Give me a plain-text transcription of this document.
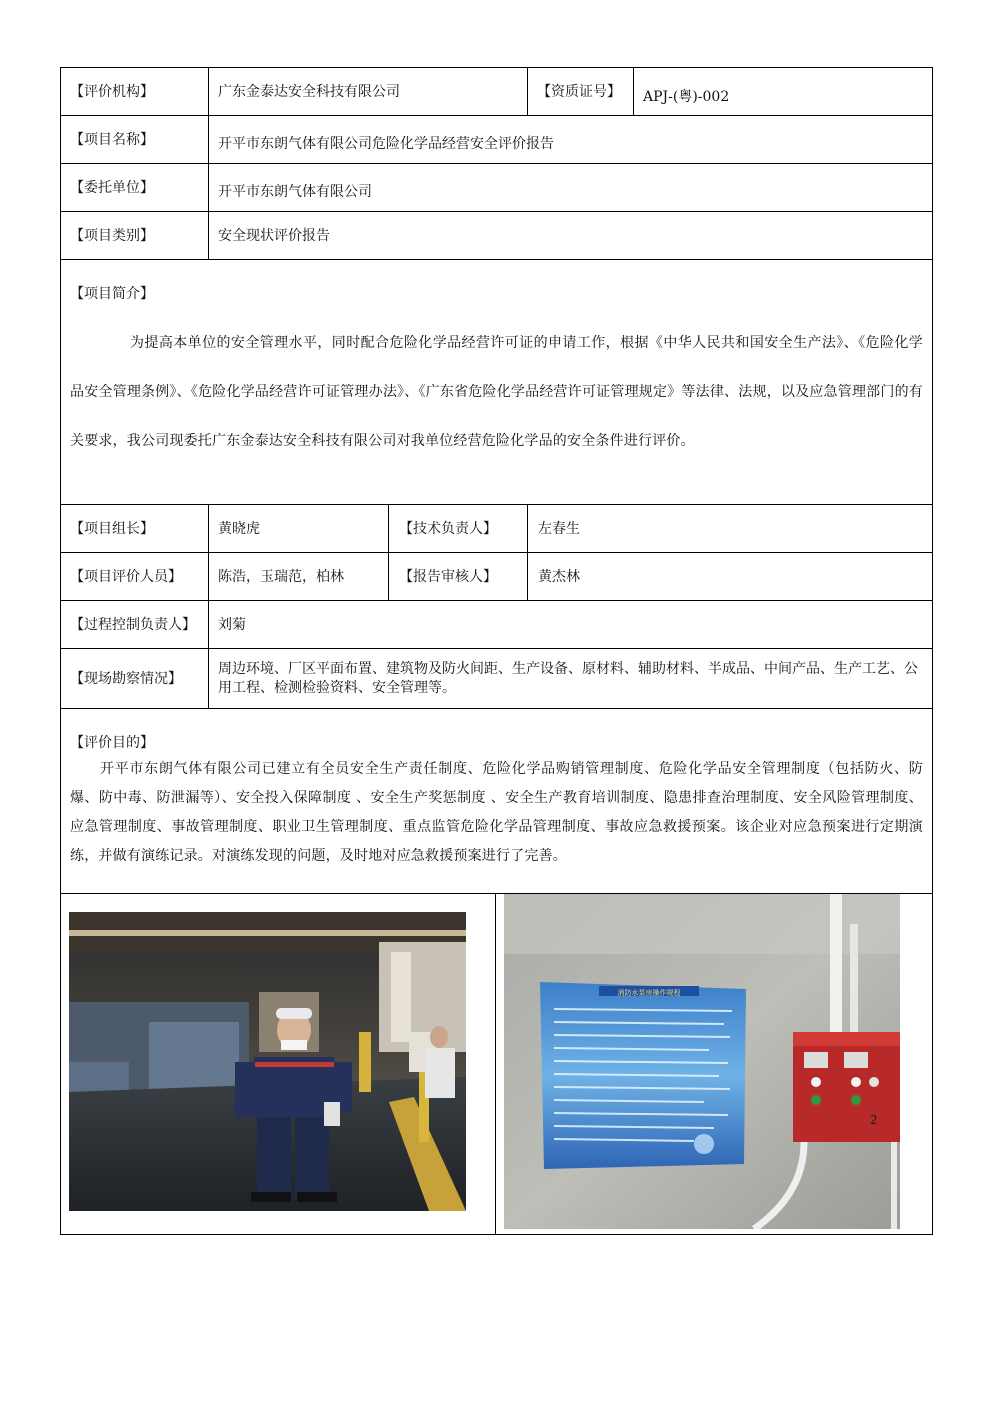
【评价机构】	广东金泰达安全科技有限公司		【资质证号】	APJ-(粤)-002
【项目名称】	开平市东朗气体有限公司危险化学品经营安全评价报告			
【委托单位】	开平市东朗气体有限公司			
【项目类别】	安全现状评价报告			

【项目简介】
为提高本单位的安全管理水平，同时配合危险化学品经营许可证的申请工作，根据《中华人民共和国安全生产法》、《危险化学品安全管理条例》、《危险化学品经营许可证管理办法》、《广东省危险化学品经营许可证管理规定》等法律、法规，以及应急管理部门的有关要求，我公司现委托广东金泰达安全科技有限公司对我单位经营危险化学品的安全条件进行评价。				

【项目组长】	黄晓虎	【技术负责人】	左春生	
【项目评价人员】	陈浩，玉瑞范，柏林	【报告审核人】	黄杰林	
【过程控制负责人】	刘菊			
【现场勘察情况】	周边环境、厂区平面布置、建筑物及防火间距、生产设备、原材料、辅助材料、半成品、中间产品、生产工艺、公用工程、检测检验资料、安全管理等。			

【评价目的】
开平市东朗气体有限公司已建立有全员安全生产责任制度、危险化学品购销管理制度、危险化学品安全管理制度（包括防火、防爆、防中毒、防泄漏等）、安全投入保障制度 、安全生产奖惩制度 、安全生产教育培训制度、隐患排查治理制度、安全风险管理制度、应急管理制度、事故管理制度、职业卫生管理制度、重点监管危险化学品管理制度、事故应急救援预案。该企业对应急预案进行定期演练，并做有演练记录。对演练发现的问题，及时地对应急救援预案进行了完善。				

消防水泵房操作规程
2				
